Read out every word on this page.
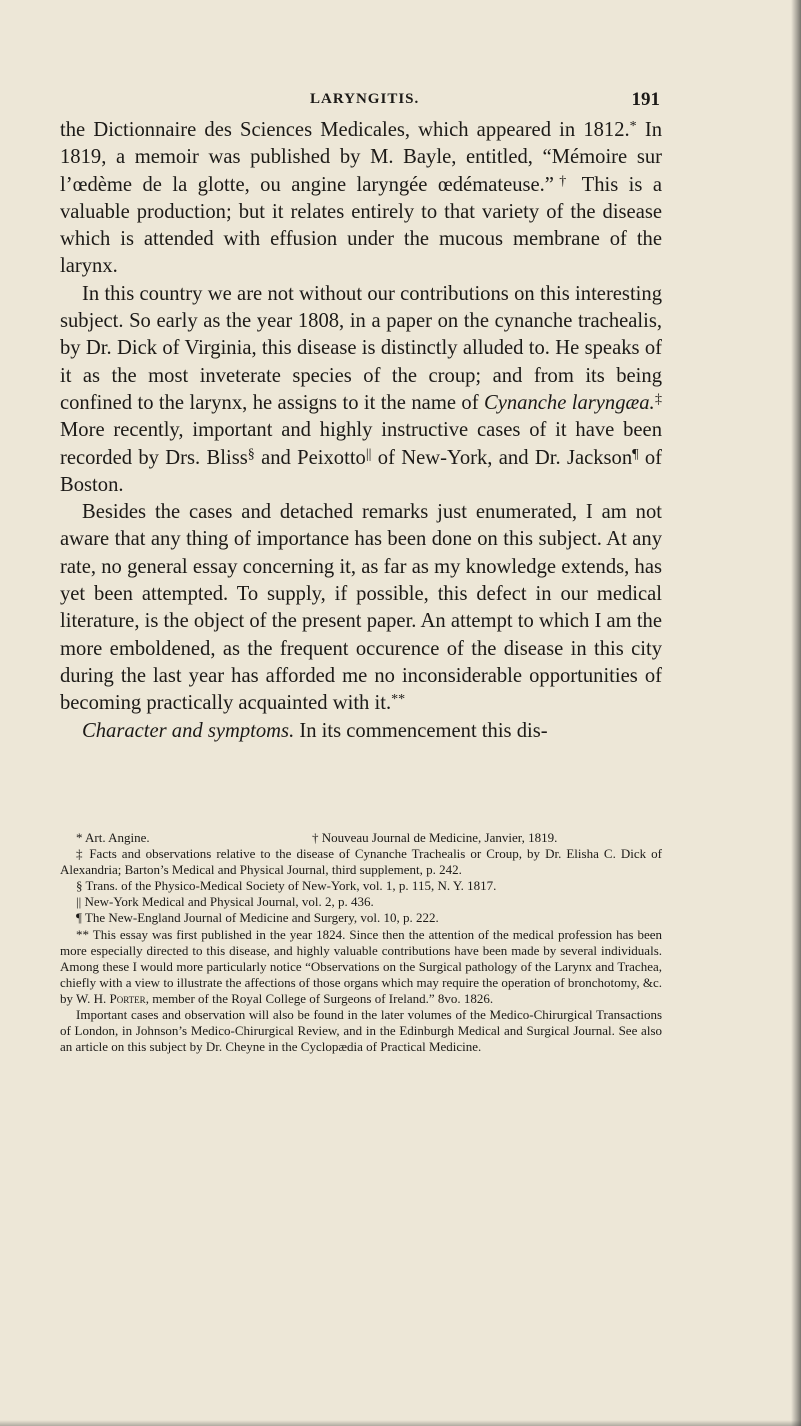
LARYNGITIS.	191

the Dictionnaire des Sciences Medicales, which appeared in 1812.* In 1819, a memoir was published by M. Bayle, entitled, “Mémoire sur l’œdème de la glotte, ou angine laryngée œdémateuse.”† This is a valuable production; but it relates entirely to that variety of the disease which is attended with effusion under the mucous membrane of the larynx.

In this country we are not without our contributions on this interesting subject. So early as the year 1808, in a paper on the cynanche trachealis, by Dr. Dick of Virginia, this disease is distinctly alluded to. He speaks of it as the most inveterate species of the croup; and from its being confined to the larynx, he assigns to it the name of Cynanche laryngæa.‡ More recently, important and highly instructive cases of it have been recorded by Drs. Bliss§ and Peixotto|| of New-York, and Dr. Jackson¶ of Boston.

Besides the cases and detached remarks just enumerated, I am not aware that any thing of importance has been done on this subject. At any rate, no general essay concerning it, as far as my knowledge extends, has yet been attempted. To supply, if possible, this defect in our medical literature, is the object of the present paper. An attempt to which I am the more emboldened, as the frequent occurence of the disease in this city during the last year has afforded me no inconsiderable opportunities of becoming practically acquainted with it.**

Character and symptoms. In its commencement this dis-

* Art. Angine.	† Nouveau Journal de Medicine, Janvier, 1819.

‡ Facts and observations relative to the disease of Cynanche Trachealis or Croup, by Dr. Elisha C. Dick of Alexandria; Barton’s Medical and Physical Journal, third supplement, p. 242.

§ Trans. of the Physico-Medical Society of New-York, vol. 1, p. 115, N. Y. 1817.

|| New-York Medical and Physical Journal, vol. 2, p. 436.

¶ The New-England Journal of Medicine and Surgery, vol. 10, p. 222.

** This essay was first published in the year 1824. Since then the attention of the medical profession has been more especially directed to this disease, and highly valuable contributions have been made by several individuals. Among these I would more particularly notice “Observations on the Surgical pathology of the Larynx and Trachea, chiefly with a view to illustrate the affections of those organs which may require the operation of bronchotomy, &c. by W. H. Porter, member of the Royal College of Surgeons of Ireland.” 8vo. 1826.

Important cases and observation will also be found in the later volumes of the Medico-Chirurgical Transactions of London, in Johnson’s Medico-Chirurgical Review, and in the Edinburgh Medical and Surgical Journal. See also an article on this subject by Dr. Cheyne in the Cyclopædia of Practical Medicine.
